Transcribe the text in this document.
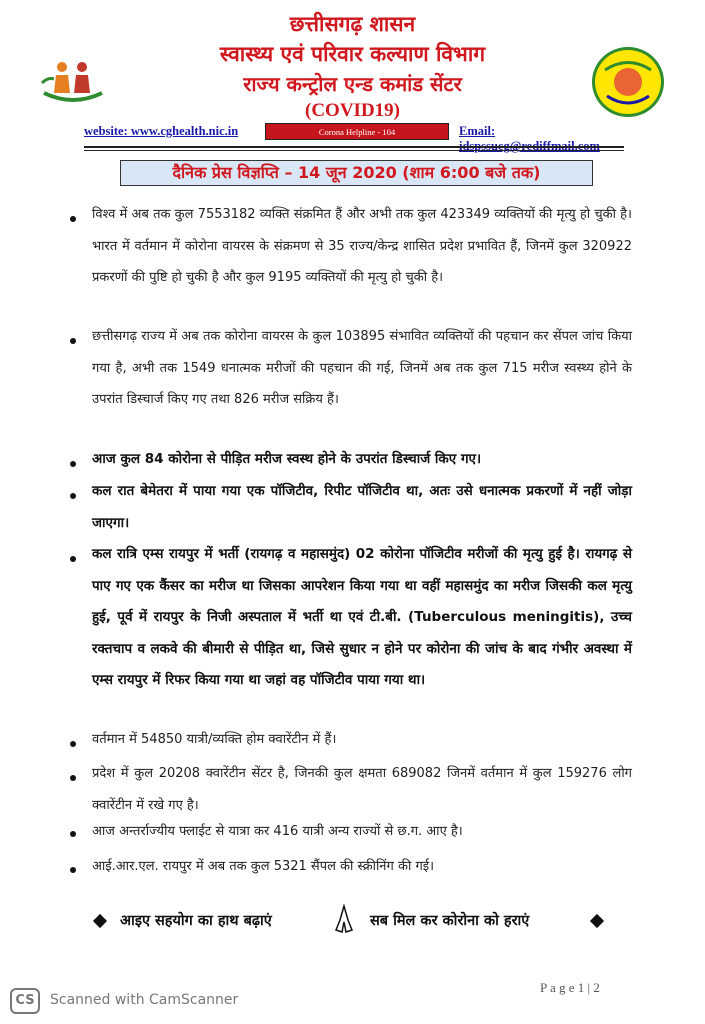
छत्तीसगढ़ शासन
स्वास्थ्य एवं परिवार कल्याण विभाग
राज्य कन्ट्रोल एन्ड कमांड सेंटर
(COVID19)
website: www.cghealth.nic.in	Corona Helpline - 104	Email: idspssucg@rediffmail.com
दैनिक प्रेस विज्ञप्ति – 14 जून 2020 (शाम 6:00 बजे तक)
विश्व में अब तक कुल 7553182 व्यक्ति संक्रमित हैं और अभी तक कुल 423349 व्यक्तियों की मृत्यु हो चुकी है। भारत में वर्तमान में कोरोना वायरस के संक्रमण से 35 राज्य/केन्द्र शासित प्रदेश प्रभावित हैं, जिनमें कुल 320922 प्रकरणों की पुष्टि हो चुकी है और कुल 9195 व्यक्तियों की मृत्यु हो चुकी है।
छत्तीसगढ़ राज्य में अब तक कोरोना वायरस के कुल 103895 संभावित व्यक्तियों की पहचान कर सेंपल जांच किया गया है, अभी तक 1549 धनात्मक मरीजों की पहचान की गई, जिनमें अब तक कुल 715 मरीज स्वस्थ्य होने के उपरांत डिस्चार्ज किए गए तथा 826 मरीज सक्रिय हैं।
आज कुल 84 कोरोना से पीड़ित मरीज स्वस्थ होने के उपरांत डिस्चार्ज किए गए।
कल रात बेमेतरा में पाया गया एक पॉजिटीव, रिपीट पॉजिटीव था, अतः उसे धनात्मक प्रकरणों में नहीं जोड़ा जाएगा।
कल रात्रि एम्स रायपुर में भर्ती (रायगढ़ व महासमुंद) 02 कोरोना पॉजिटीव मरीजों की मृत्यु हुई है। रायगढ़ से पाए गए एक कैंसर का मरीज था जिसका आपरेशन किया गया था वहीं महासमुंद का मरीज जिसकी कल मृत्यु हुई, पूर्व में रायपुर के निजी अस्पताल में भर्ती था एवं टी.बी. (Tuberculous meningitis), उच्च रक्तचाप व लकवे की बीमारी से पीड़ित था, जिसे सुधार न होने पर कोरोना की जांच के बाद गंभीर अवस्था में एम्स रायपुर में रिफर किया गया था जहां वह पॉजिटीव पाया गया था।
वर्तमान में 54850 यात्री/व्यक्ति होम क्वारेंटीन में हैं।
प्रदेश में कुल 20208 क्वारेंटीन सेंटर है, जिनकी कुल क्षमता 689082 जिनमें वर्तमान में कुल 159276 लोग क्वारेंटीन में रखे गए है।
आज अन्तर्राज्यीय फ्लाईट से यात्रा कर 416 यात्री अन्य राज्यों से छ.ग. आए है।
आई.आर.एल. रायपुर में अब तक कुल 5321 सैंपल की स्क्रीनिंग की गई।
आइए सहयोग का हाथ बढ़ाएं	सब मिल कर कोरोना को हराएं
P a g e 1 | 2
CS	Scanned with CamScanner
